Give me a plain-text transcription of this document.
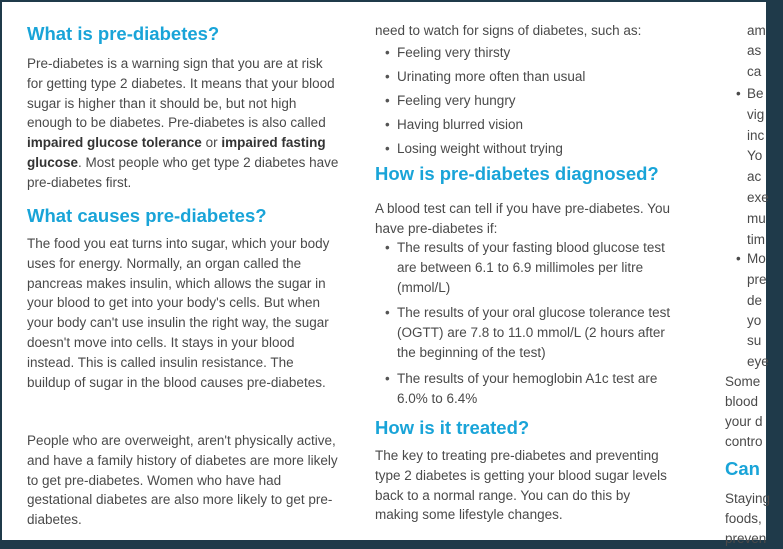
What is pre-diabetes?

Pre-diabetes is a warning sign that you are at risk for getting type 2 diabetes. It means that your blood sugar is higher than it should be, but not high enough to be diabetes. Pre-diabetes is also called impaired glucose tolerance or impaired fasting glucose. Most people who get type 2 diabetes have pre-diabetes first.

What causes pre-diabetes?

The food you eat turns into sugar, which your body uses for energy. Normally, an organ called the pancreas makes insulin, which allows the sugar in your blood to get into your body's cells. But when your body can't use insulin the right way, the sugar doesn't move into cells. It stays in your blood instead. This is called insulin resistance. The buildup of sugar in the blood causes pre-diabetes.

People who are overweight, aren't physically active, and have a family history of diabetes are more likely to get pre-diabetes. Women who have had gestational diabetes are also more likely to get pre-diabetes.

need to watch for signs of diabetes, such as:

• Feeling very thirsty
• Urinating more often than usual
• Feeling very hungry
• Having blurred vision
• Losing weight without trying
How is pre-diabetes diagnosed?

A blood test can tell if you have pre-diabetes. You have pre-diabetes if:

• The results of your fasting blood glucose test are between 6.1 to 6.9 millimoles per litre (mmol/L)
• The results of your oral glucose tolerance test (OGTT) are 7.8 to 11.0 mmol/L (2 hours after the beginning of the test)
• The results of your hemoglobin A1c test are 6.0% to 6.4%
How is it treated?

The key to treating pre-diabetes and preventing type 2 diabetes is getting your blood sugar levels back to a normal range. You can do this by making some lifestyle changes.

am
as
ca
• Be
vig
inc
Yo
ac
exe
mu
tim
• Mo
pre
de
yo
su
eye
Some
blood
your d
contro
Can
Staying
foods,
preven
